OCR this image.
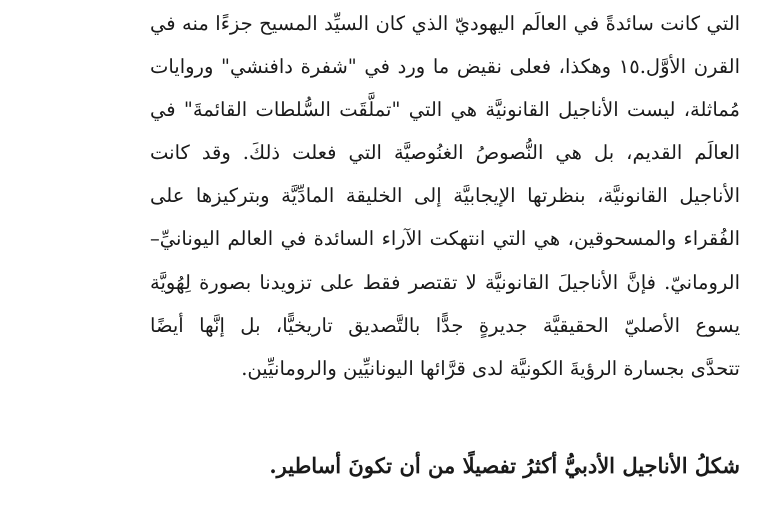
التي كانت سائدةً في العالَم اليهوديّ الذي كان السيِّد المسيح جزءًا منه في
القرن الأوَّل.١٥ وهكذا، فعلى نقيض ما ورد في "شفرة دافنشي" وروايات
مُماثلة، ليست الأناجيل القانونيَّة هي التي "تملَّقَت السُّلطات القائمةَ" في
العالَم القديم، بل هي النُّصوصُ الغنُوصيَّة التي فعلت ذلكَ. وقد كانت
الأناجيل القانونيَّة، بنظرتها الإيجابيَّة إلى الخليقة المادِّيَّة وبتركيزها على
الفُقراء والمسحوقين، هي التي انتهكت الآراء السائدة في العالم اليونانيِّ–
الرومانيّ. فإنَّ الأناجيلَ القانونيَّة لا تقتصر فقط على تزويدنا بصورة لِهُويَّة
يسوع الأصليّ الحقيقيَّة جديرةٍ جدًّا بالتَّصديق تاريخيًّا، بل إنَّها أيضًا
تتحدَّى بجسارة الرؤيةَ الكونيَّة لدى قرَّائها اليونانيِّين والرومانيِّين.
شكلُ الأناجيل الأدبيُّ أكثرُ تفصيلًا من أن تكونَ أساطير.
